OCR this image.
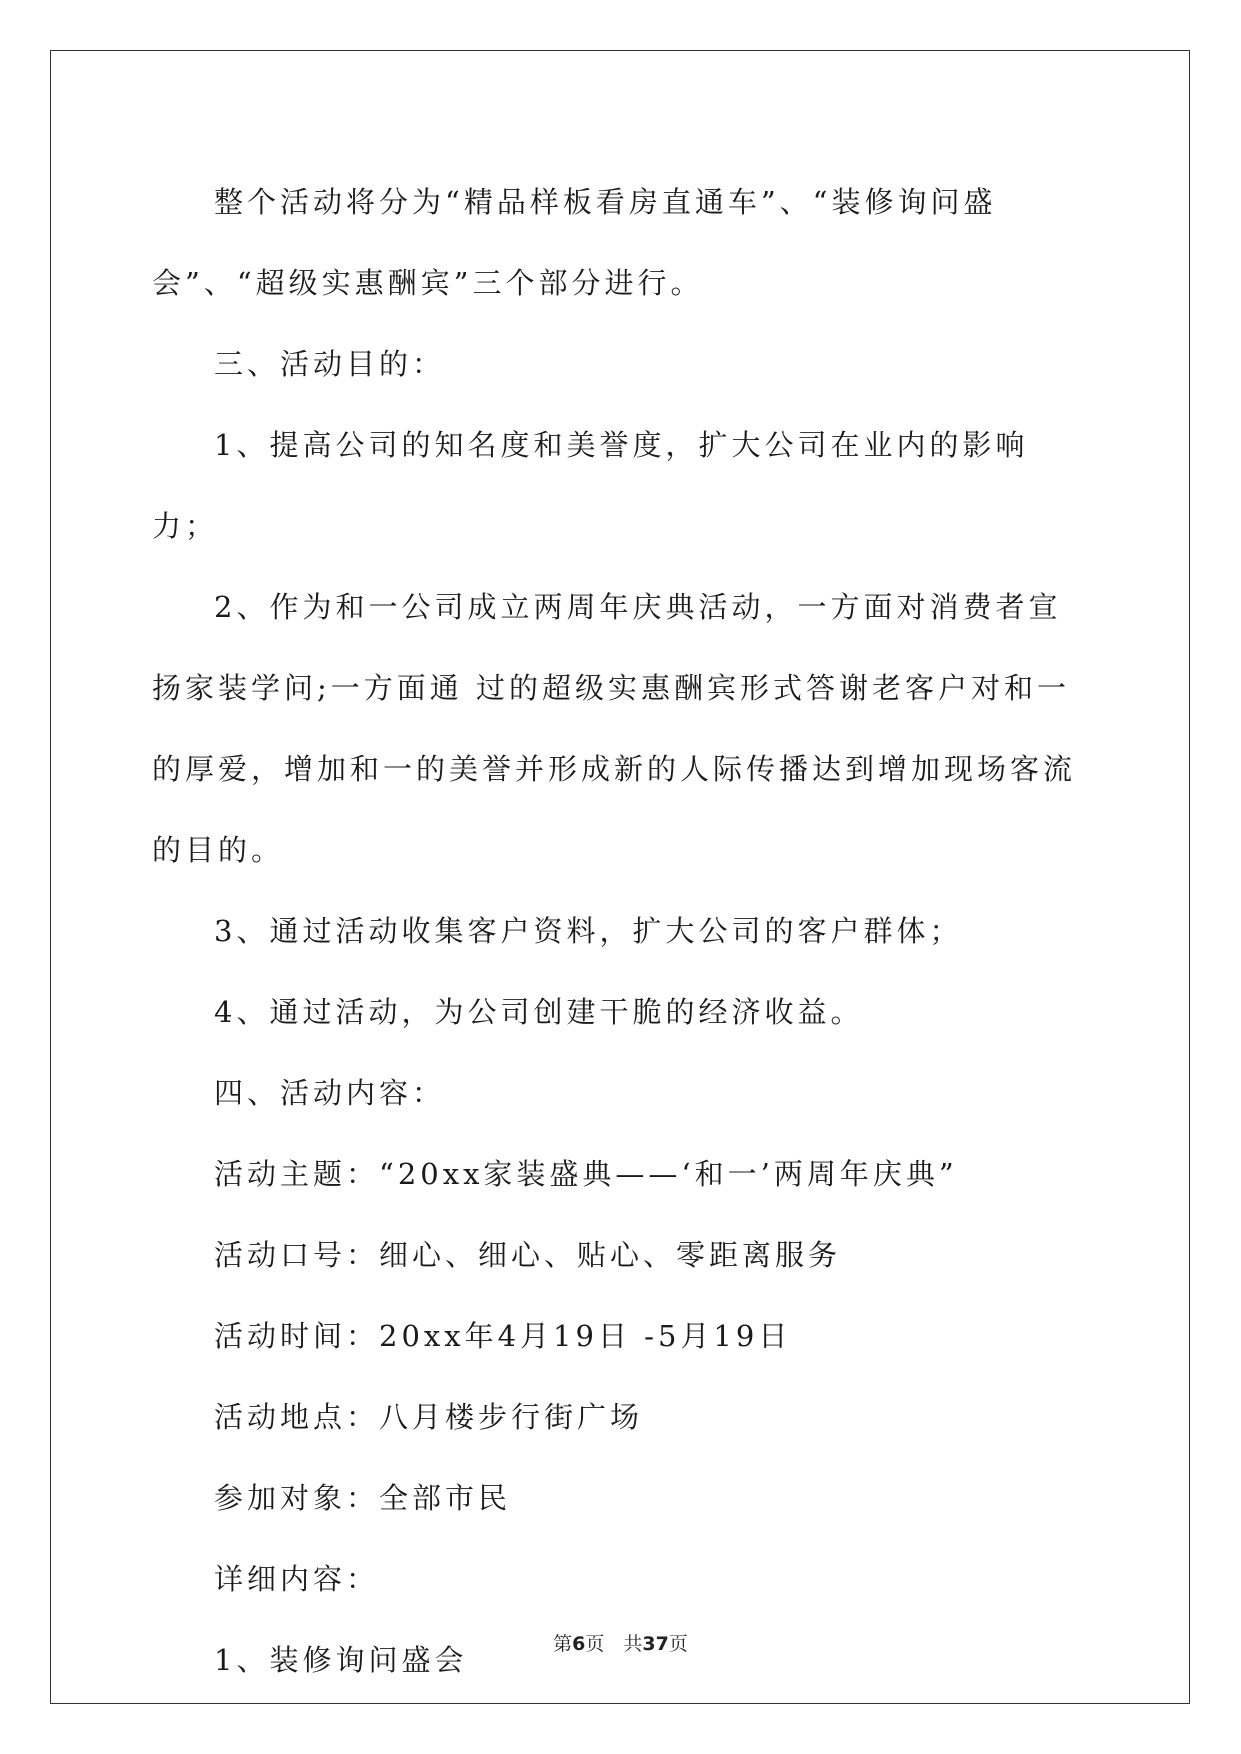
整个活动将分为“精品样板看房直通车”、“装修询问盛会”、“超级实惠酬宾”三个部分进行。

三、活动目的：

1、提高公司的知名度和美誉度，扩大公司在业内的影响力；

2、作为和一公司成立两周年庆典活动，一方面对消费者宣扬家装学问;一方面通 过的超级实惠酬宾形式答谢老客户对和一的厚爱，增加和一的美誉并形成新的人际传播达到增加现场客流的目的。

3、通过活动收集客户资料，扩大公司的客户群体；

4、通过活动，为公司创建干脆的经济收益。

四、活动内容：

活动主题：“20xx家装盛典——‘和一’两周年庆典”

活动口号：细心、细心、贴心、零距离服务

活动时间：20xx年4月19日 -5月19日

活动地点：八月楼步行街广场

参加对象：全部市民

详细内容：

1、装修询问盛会	第6页　共37页
